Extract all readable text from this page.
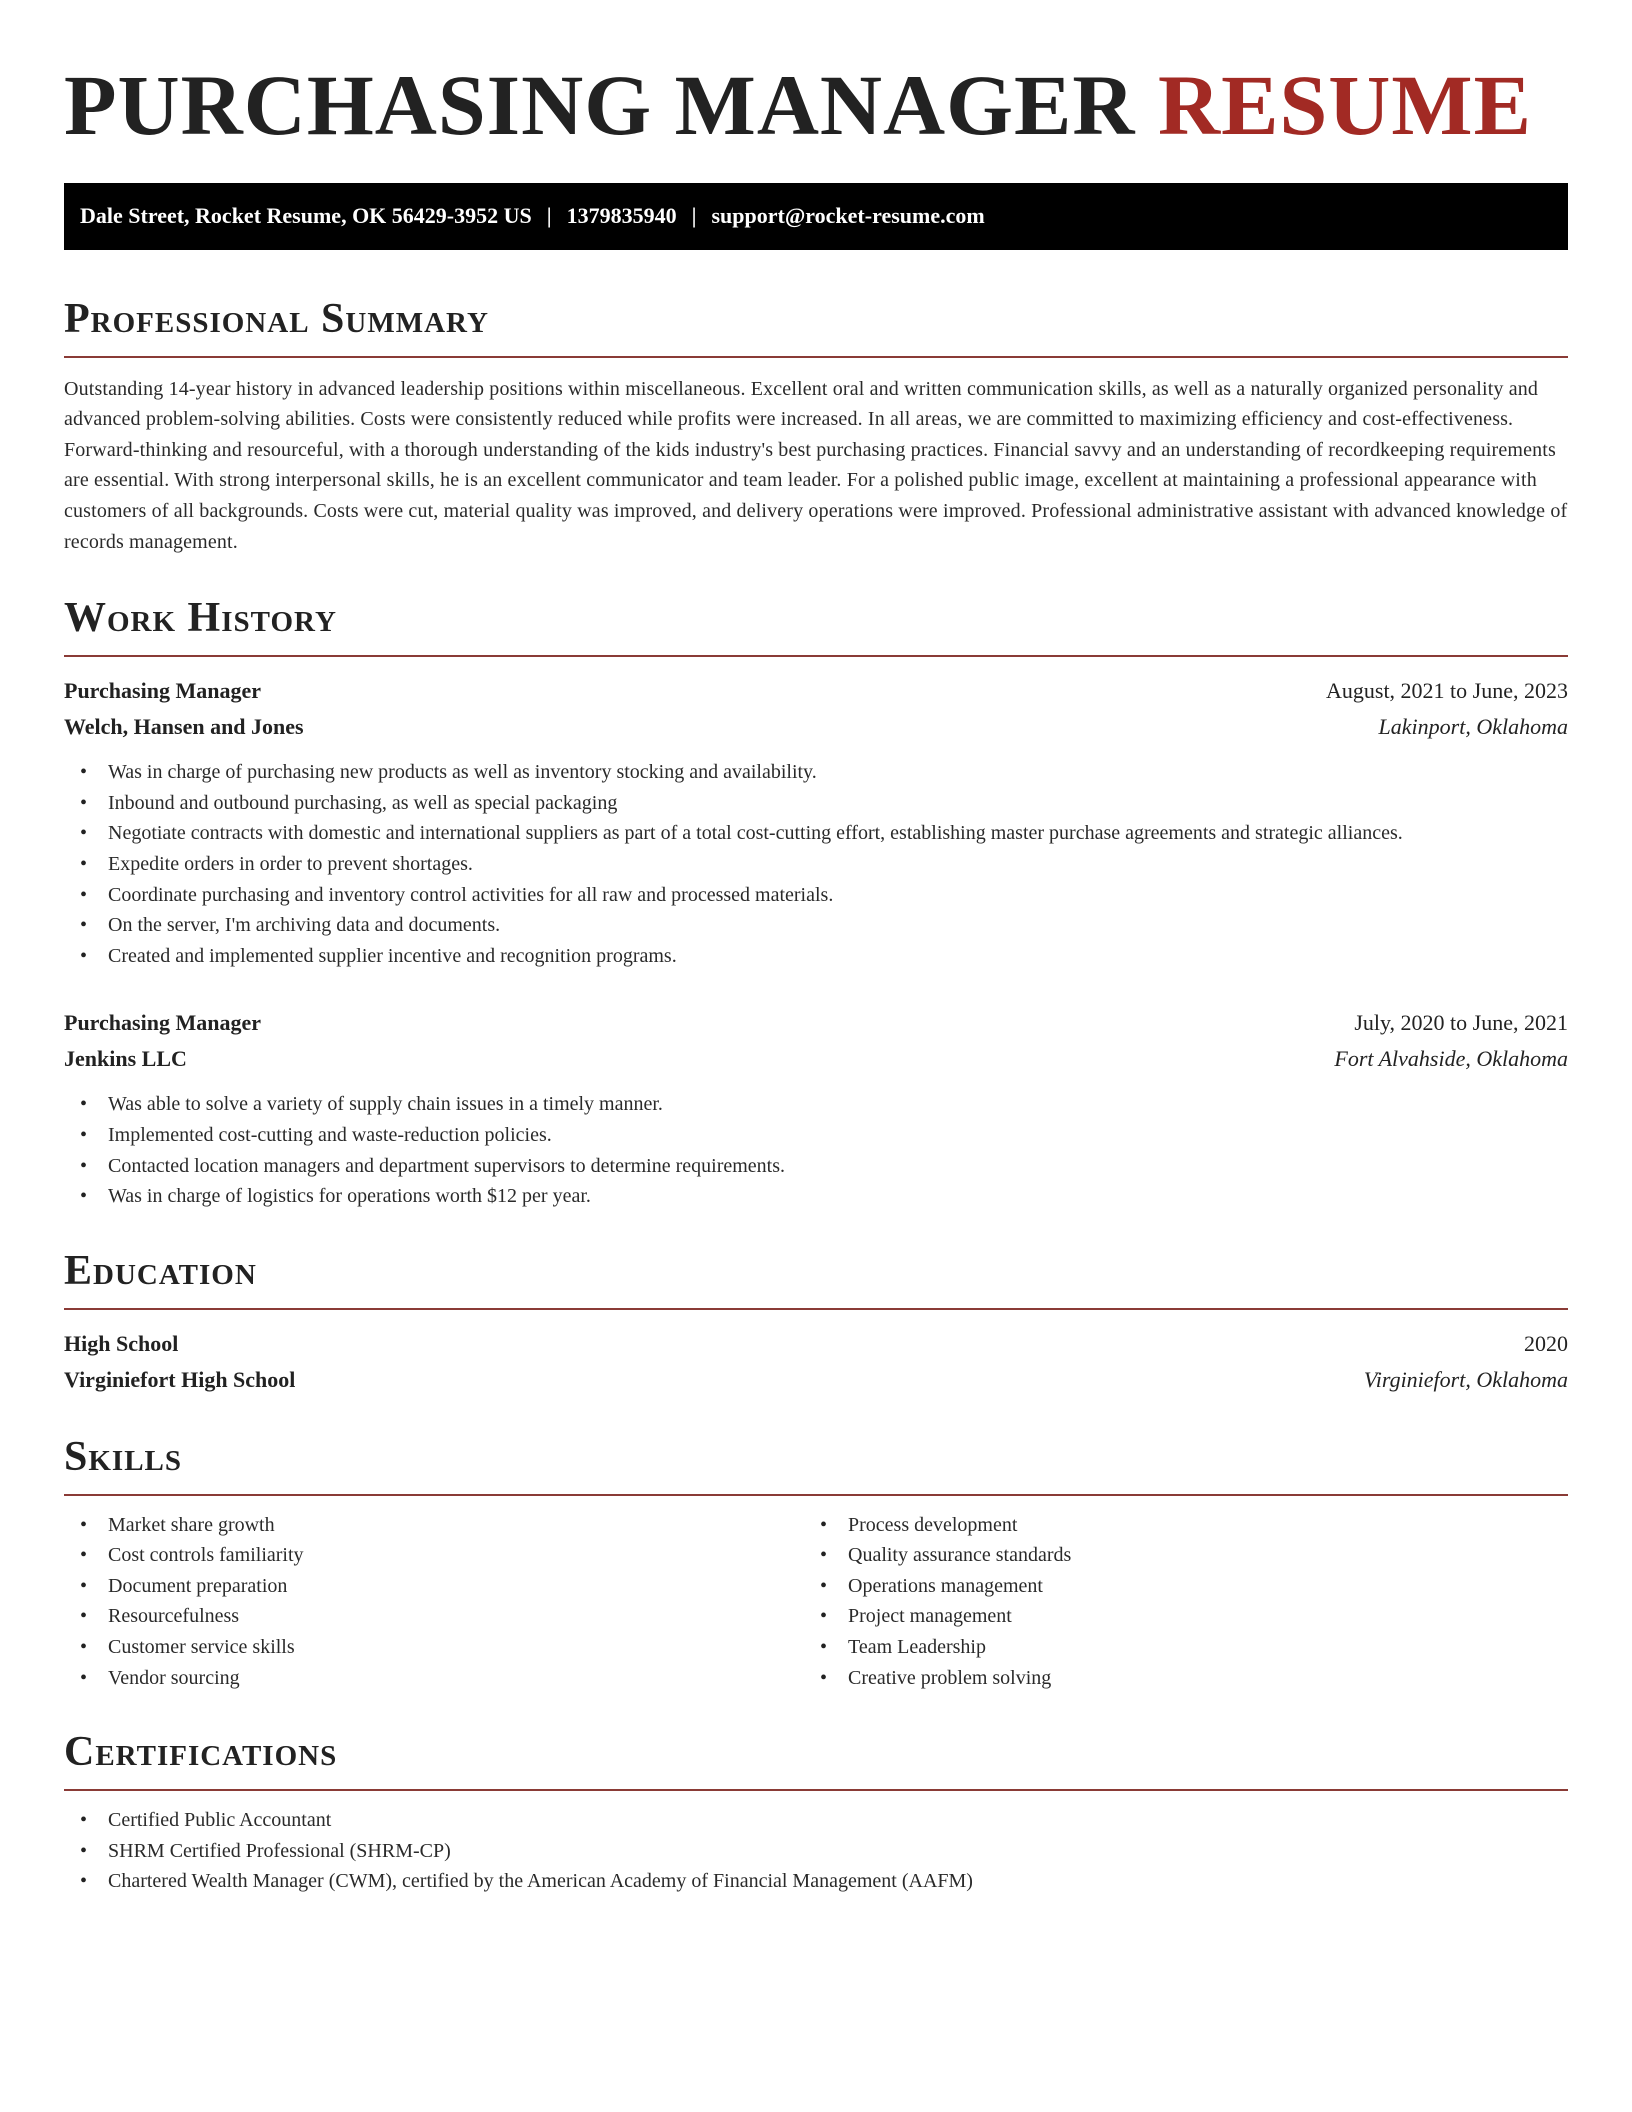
PURCHASING MANAGER RESUME
Dale Street, Rocket Resume, OK 56429-3952 US | 1379835940 | support@rocket-resume.com
Professional Summary

Outstanding 14-year history in advanced leadership positions within miscellaneous. Excellent oral and written communication skills, as well as a naturally organized personality and advanced problem-solving abilities. Costs were consistently reduced while profits were increased. In all areas, we are committed to maximizing efficiency and cost-effectiveness. Forward-thinking and resourceful, with a thorough understanding of the kids industry's best purchasing practices. Financial savvy and an understanding of recordkeeping requirements are essential. With strong interpersonal skills, he is an excellent communicator and team leader. For a polished public image, excellent at maintaining a professional appearance with customers of all backgrounds. Costs were cut, material quality was improved, and delivery operations were improved. Professional administrative assistant with advanced knowledge of records management.

Work History
Purchasing Manager	August, 2021 to June, 2023
Welch, Hansen and Jones	Lakinport, Oklahoma
• Was in charge of purchasing new products as well as inventory stocking and availability.
• Inbound and outbound purchasing, as well as special packaging
• Negotiate contracts with domestic and international suppliers as part of a total cost-cutting effort, establishing master purchase agreements and strategic alliances.
• Expedite orders in order to prevent shortages.
• Coordinate purchasing and inventory control activities for all raw and processed materials.
• On the server, I'm archiving data and documents.
• Created and implemented supplier incentive and recognition programs.
Purchasing Manager	July, 2020 to June, 2021
Jenkins LLC	Fort Alvahside, Oklahoma
• Was able to solve a variety of supply chain issues in a timely manner.
• Implemented cost-cutting and waste-reduction policies.
• Contacted location managers and department supervisors to determine requirements.
• Was in charge of logistics for operations worth $12 per year.
Education
High School	2020
Virginiefort High School	Virginiefort, Oklahoma
Skills
• Market share growth
• Cost controls familiarity
• Document preparation
• Resourcefulness
• Customer service skills
• Vendor sourcing
• Process development
• Quality assurance standards
• Operations management
• Project management
• Team Leadership
• Creative problem solving
Certifications
• Certified Public Accountant
• SHRM Certified Professional (SHRM-CP)
• Chartered Wealth Manager (CWM), certified by the American Academy of Financial Management (AAFM)
